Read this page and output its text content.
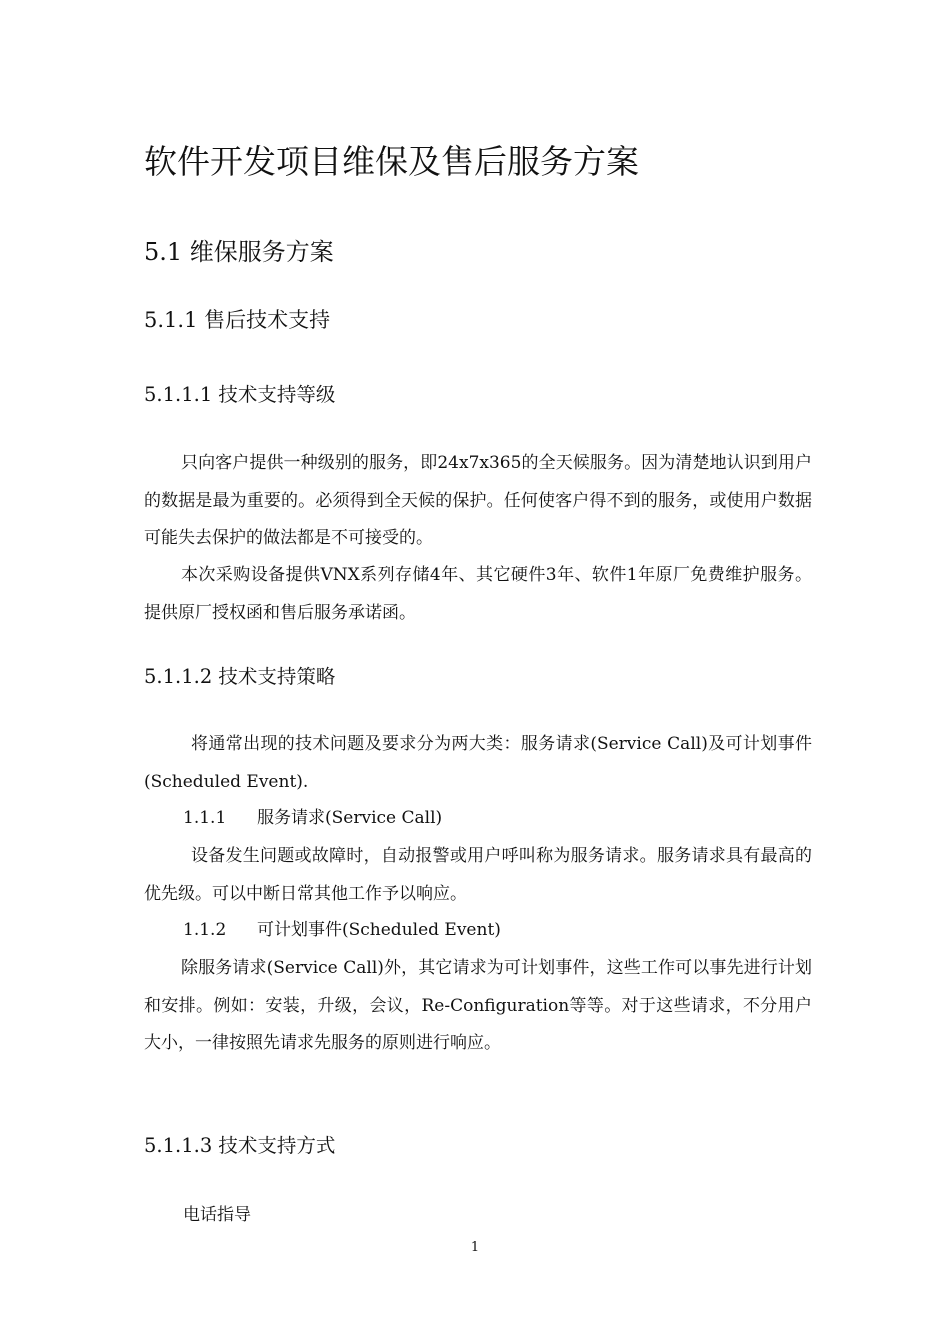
软件开发项目维保及售后服务方案
5.1 维保服务方案
5.1.1 售后技术支持
5.1.1.1 技术支持等级

只向客户提供一种级别的服务，即24x7x365的全天候服务。因为清楚地认识到用户的数据是最为重要的。必须得到全天候的保护。任何使客户得不到的服务，或使用户数据可能失去保护的做法都是不可接受的。

本次采购设备提供VNX系列存储4年、其它硬件3年、软件1年原厂免费维护服务。提供原厂授权函和售后服务承诺函。

5.1.1.2 技术支持策略

将通常出现的技术问题及要求分为两大类：服务请求(Service Call)及可计划事件(Scheduled Event).

1.1.1 服务请求(Service Call)

设备发生问题或故障时，自动报警或用户呼叫称为服务请求。服务请求具有最高的优先级。可以中断日常其他工作予以响应。

1.1.2 可计划事件(Scheduled Event)

除服务请求(Service Call)外，其它请求为可计划事件，这些工作可以事先进行计划和安排。例如：安装，升级，会议，Re-Configuration等等。对于这些请求，不分用户大小，一律按照先请求先服务的原则进行响应。

5.1.1.3 技术支持方式

电话指导

1
